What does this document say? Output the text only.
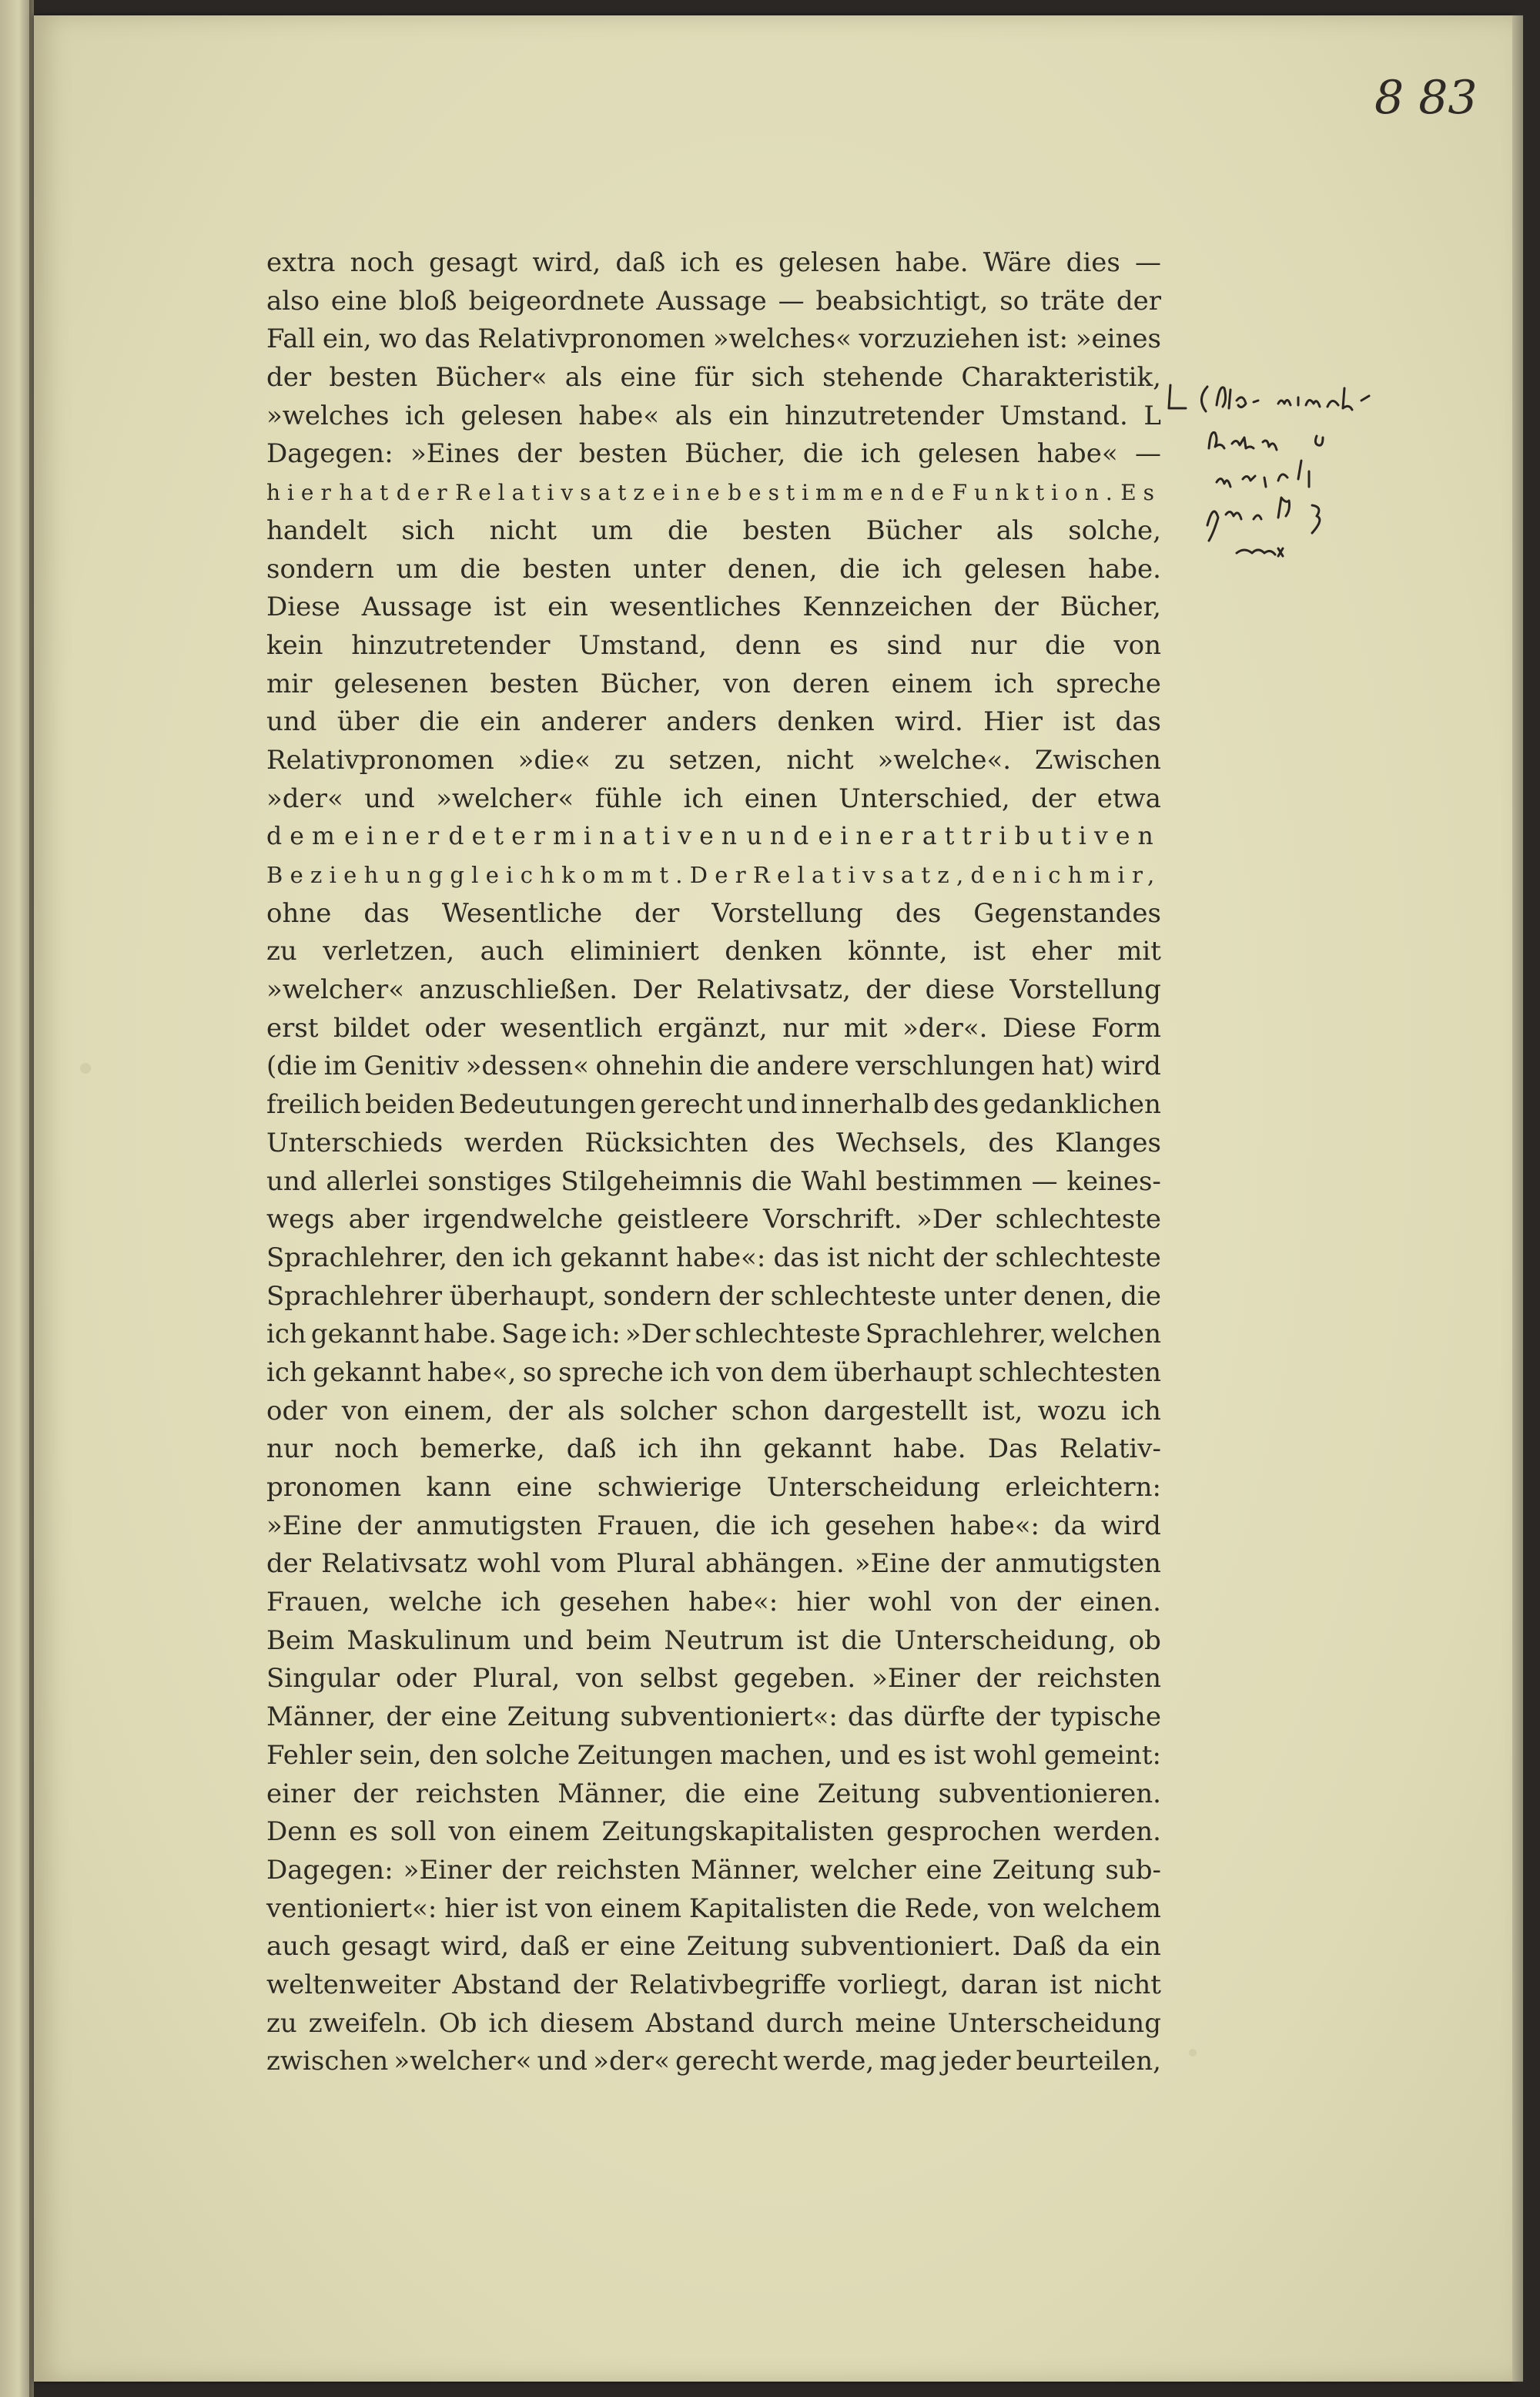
8 83
extra noch gesagt wird, daß ich es gelesen habe. Wäre dies —
also eine bloß beigeordnete Aussage — beabsichtigt, so träte der
Fall ein, wo das Relativpronomen »welches« vorzuziehen ist: »eines
der besten Bücher« als eine für sich stehende Charakteristik,
»welches ich gelesen habe« als ein hinzutretender Umstand. L
Dagegen: »Eines der besten Bücher, die ich gelesen habe« —
hier hat der Relativsatz eine bestimmende Funktion. Es
handelt sich nicht um die besten Bücher als solche,
sondern um die besten unter denen, die ich gelesen habe.
Diese Aussage ist ein wesentliches Kennzeichen der Bücher,
kein hinzutretender Umstand, denn es sind nur die von
mir gelesenen besten Bücher, von deren einem ich spreche
und über die ein anderer anders denken wird. Hier ist das
Relativpronomen »die« zu setzen, nicht »welche«. Zwischen
»der« und »welcher« fühle ich einen Unterschied, der etwa
dem einer determinativen und einer attributiven
Beziehung gleichkommt. Der Relativsatz, den ich mir,
ohne das Wesentliche der Vorstellung des Gegenstandes
zu verletzen, auch eliminiert denken könnte, ist eher mit
»welcher« anzuschließen. Der Relativsatz, der diese Vorstellung
erst bildet oder wesentlich ergänzt, nur mit »der«. Diese Form
(die im Genitiv »dessen« ohnehin die andere verschlungen hat) wird
freilich beiden Bedeutungen gerecht und innerhalb des gedanklichen
Unterschieds werden Rücksichten des Wechsels, des Klanges
und allerlei sonstiges Stilgeheimnis die Wahl bestimmen — keines-
wegs aber irgendwelche geistleere Vorschrift. »Der schlechteste
Sprachlehrer, den ich gekannt habe«: das ist nicht der schlechteste
Sprachlehrer überhaupt, sondern der schlechteste unter denen, die
ich gekannt habe. Sage ich: »Der schlechteste Sprachlehrer, welchen
ich gekannt habe«, so spreche ich von dem überhaupt schlechtesten
oder von einem, der als solcher schon dargestellt ist, wozu ich
nur noch bemerke, daß ich ihn gekannt habe. Das Relativ-
pronomen kann eine schwierige Unterscheidung erleichtern:
»Eine der anmutigsten Frauen, die ich gesehen habe«: da wird
der Relativsatz wohl vom Plural abhängen. »Eine der anmutigsten
Frauen, welche ich gesehen habe«: hier wohl von der einen.
Beim Maskulinum und beim Neutrum ist die Unterscheidung, ob
Singular oder Plural, von selbst gegeben. »Einer der reichsten
Männer, der eine Zeitung subventioniert«: das dürfte der typische
Fehler sein, den solche Zeitungen machen, und es ist wohl gemeint:
einer der reichsten Männer, die eine Zeitung subventionieren.
Denn es soll von einem Zeitungskapitalisten gesprochen werden.
Dagegen: »Einer der reichsten Männer, welcher eine Zeitung sub-
ventioniert«: hier ist von einem Kapitalisten die Rede, von welchem
auch gesagt wird, daß er eine Zeitung subventioniert. Daß da ein
weltenweiter Abstand der Relativbegriffe vorliegt, daran ist nicht
zu zweifeln. Ob ich diesem Abstand durch meine Unterscheidung
zwischen »welcher« und »der« gerecht werde, mag jeder beurteilen,
